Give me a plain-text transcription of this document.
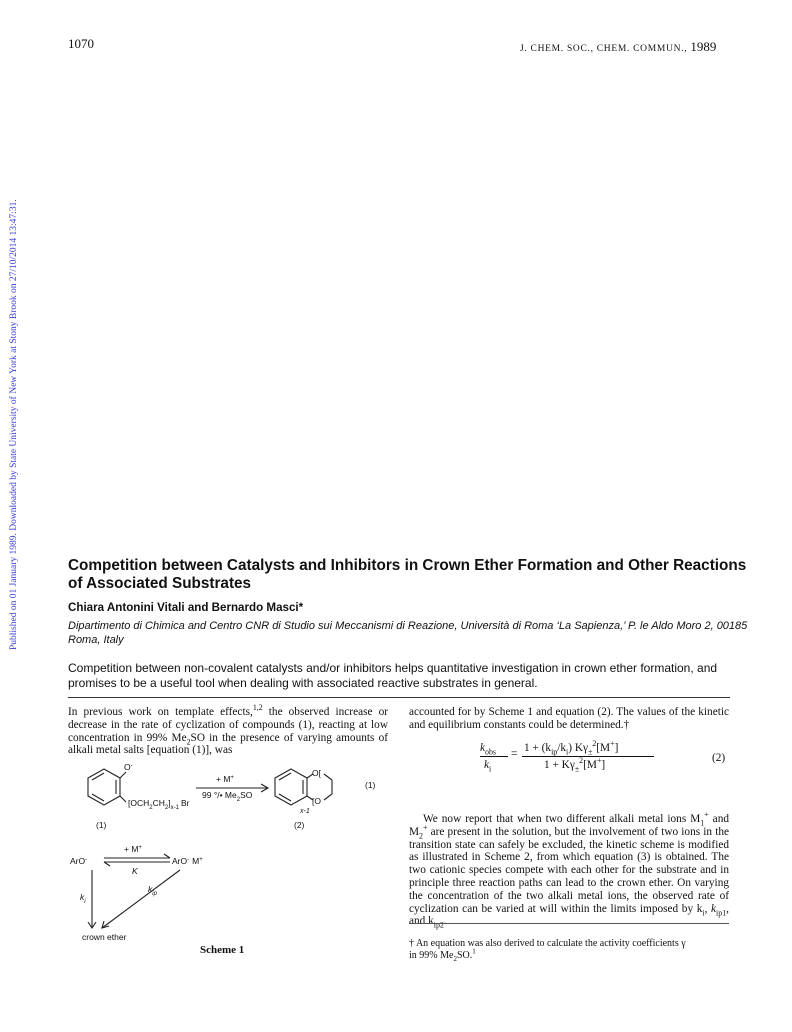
1070	J. CHEM. SOC., CHEM. COMMUN., 1989
Published on 01 January 1989. Downloaded by State University of New York at Stony Brook on 27/10/2014 13:47:31.	Competition between Catalysts and Inhibitors in Crown Ether Formation and Other Reactions of Associated Substrates
Chiara Antonini Vitali and Bernardo Masci*
Dipartimento di Chimica and Centro CNR di Studio sui Meccanismi di Reazione, Università di Roma ‘La Sapienza,’ P. le Aldo Moro 2, 00185 Roma, Italy
Competition between non-covalent catalysts and/or inhibitors helps quantitative investigation in crown ether formation, and promises to be a useful tool when dealing with associated reactive substrates in general.
In previous work on template effects,$^{1,2}$ the observed increase or decrease in the rate of cyclization of compounds (1), reacting at low concentration in 99% $Me_2SO$ in the presence of varying amounts of alkali metal salts [equation (1)], was
accounted for by Scheme 1 and equation (2). The values of the kinetic and equilibrium constants could be determined.†
$k_{obs}$
$k_i$
= $1 + (k_{ip}/k_i)$ $K\gamma_\pm^2[M^+]$
$1 + K\gamma_\pm^2[M^+]$
(2)
We now report that when two different alkali metal ions $M_1^+$ and $M_2^+$ are present in the solution, but the involvement of two ions in the transition state can safely be excluded, the kinetic scheme is modified as illustrated in Scheme 2, from which equation (3) is obtained. The two cationic species compete with each other for the substrate and in principle three reaction paths can lead to the crown ether. On varying the concentration of the two alkali metal ions, the observed rate of cyclization can be varied at will within the limits imposed by $k_i$, $k_{ip1}$, and $k_{ip2}$.
O-
$[OCH_2CH_2]_{x-1}$ Br
+ M+
99 °/• $Me_2SO$
O[
[O
x-1
(1)
(1)	(2)
+ M+
K
ArO-	ArO- M+
$k_i$
$k_{ip}$
crown ether
Scheme 1
† An equation was also derived to calculate the activity coefficients γ
in 99% $Me_2SO.^1$
